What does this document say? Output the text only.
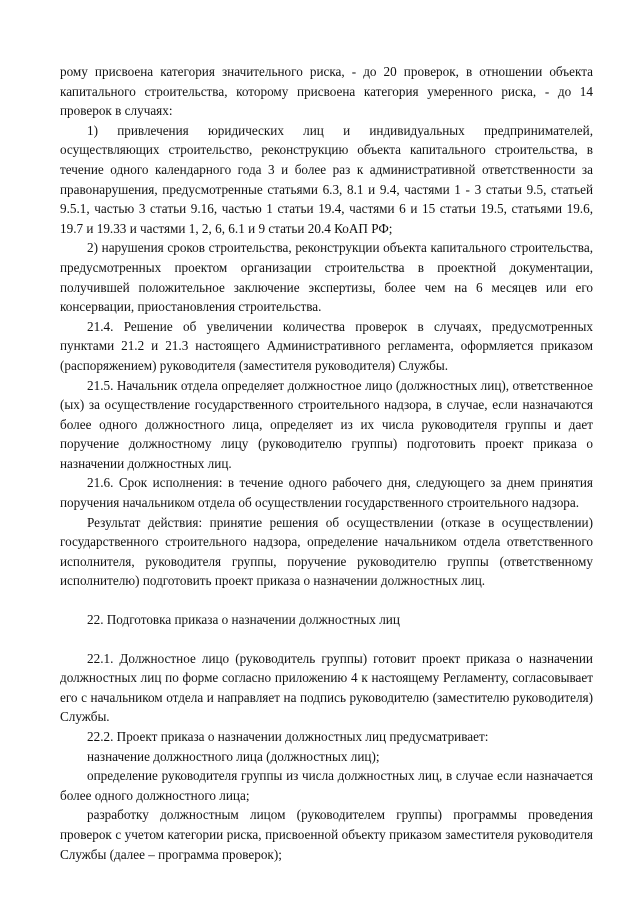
рому присвоена категория значительного риска, - до 20 проверок, в отношении объекта капитального строительства, которому присвоена категория умеренного риска, - до 14 проверок в случаях:

1) привлечения юридических лиц и индивидуальных предпринимателей, осуществляющих строительство, реконструкцию объекта капитального строительства, в течение одного календарного года 3 и более раз к административной ответственности за правонарушения, предусмотренные статьями 6.3, 8.1 и 9.4, частями 1 - 3 статьи 9.5, статьей 9.5.1, частью 3 статьи 9.16, частью 1 статьи 19.4, частями 6 и 15 статьи 19.5, статьями 19.6, 19.7 и 19.33 и частями 1, 2, 6, 6.1 и 9 статьи 20.4 КоАП РФ;

2) нарушения сроков строительства, реконструкции объекта капитального строительства, предусмотренных проектом организации строительства в проектной документации, получившей положительное заключение экспертизы, более чем на 6 месяцев или его консервации, приостановления строительства.

21.4. Решение об увеличении количества проверок в случаях, предусмотренных пунктами 21.2 и 21.3 настоящего Административного регламента, оформляется приказом (распоряжением) руководителя (заместителя руководителя) Службы.

21.5. Начальник отдела определяет должностное лицо (должностных лиц), ответственное (ых) за осуществление государственного строительного надзора, в случае, если назначаются более одного должностного лица, определяет из их числа руководителя группы и дает поручение должностному лицу (руководителю группы) подготовить проект приказа о назначении должностных лиц.

21.6. Срок исполнения: в течение одного рабочего дня, следующего за днем принятия поручения начальником отдела об осуществлении государственного строительного надзора.

Результат действия: принятие решения об осуществлении (отказе в осуществлении) государственного строительного надзора, определение начальником отдела ответственного исполнителя, руководителя группы, поручение руководителю группы (ответственному исполнителю) подготовить проект приказа о назначении должностных лиц.

22. Подготовка приказа о назначении должностных лиц

22.1. Должностное лицо (руководитель группы) готовит проект приказа о назначении должностных лиц по форме согласно приложению 4 к настоящему Регламенту, согласовывает его с начальником отдела и направляет на подпись руководителю (заместителю руководителя) Службы.

22.2. Проект приказа о назначении должностных лиц предусматривает:

назначение должностного лица (должностных лиц);

определение руководителя группы из числа должностных лиц, в случае если назначается более одного должностного лица;

разработку должностным лицом (руководителем группы) программы проведения проверок с учетом категории риска, присвоенной объекту приказом заместителя руководителя Службы (далее – программа проверок);
